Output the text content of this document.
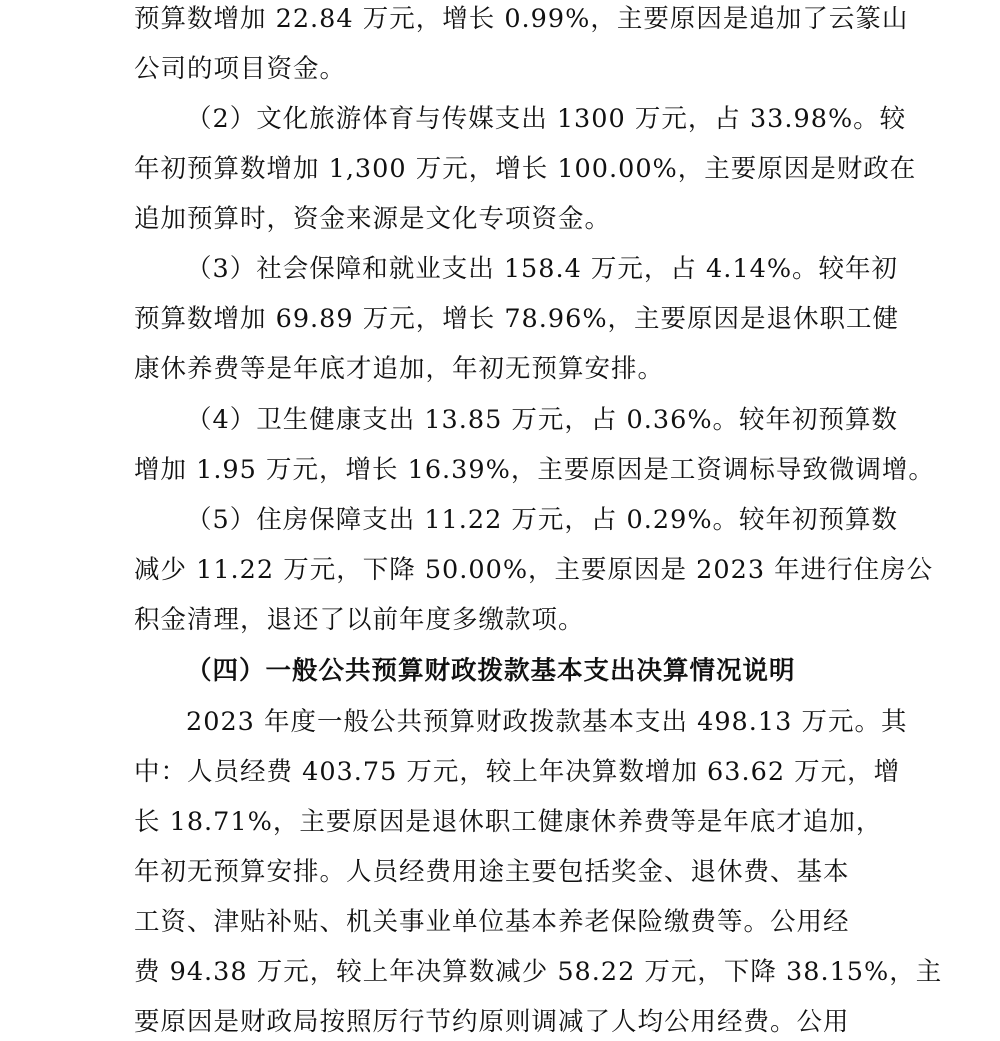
预算数增加 22.84 万元，增长 0.99%，主要原因是追加了云篆山
公司的项目资金。
（2）文化旅游体育与传媒支出 1300 万元，占 33.98%。较
年初预算数增加 1,300 万元，增长 100.00%，主要原因是财政在
追加预算时，资金来源是文化专项资金。
（3）社会保障和就业支出 158.4 万元，占 4.14%。较年初
预算数增加 69.89 万元，增长 78.96%，主要原因是退休职工健
康休养费等是年底才追加，年初无预算安排。
（4）卫生健康支出 13.85 万元，占 0.36%。较年初预算数
增加 1.95 万元，增长 16.39%，主要原因是工资调标导致微调增。
（5）住房保障支出 11.22 万元，占 0.29%。较年初预算数
减少 11.22 万元，下降 50.00%，主要原因是 2023 年进行住房公
积金清理，退还了以前年度多缴款项。
（四）一般公共预算财政拨款基本支出决算情况说明
2023 年度一般公共预算财政拨款基本支出 498.13 万元。其
中：人员经费 403.75 万元，较上年决算数增加 63.62 万元，增
长 18.71%，主要原因是退休职工健康休养费等是年底才追加，
年初无预算安排。人员经费用途主要包括奖金、退休费、基本
工资、津贴补贴、机关事业单位基本养老保险缴费等。公用经
费 94.38 万元，较上年决算数减少 58.22 万元，下降 38.15%，主
要原因是财政局按照厉行节约原则调减了人均公用经费。公用
